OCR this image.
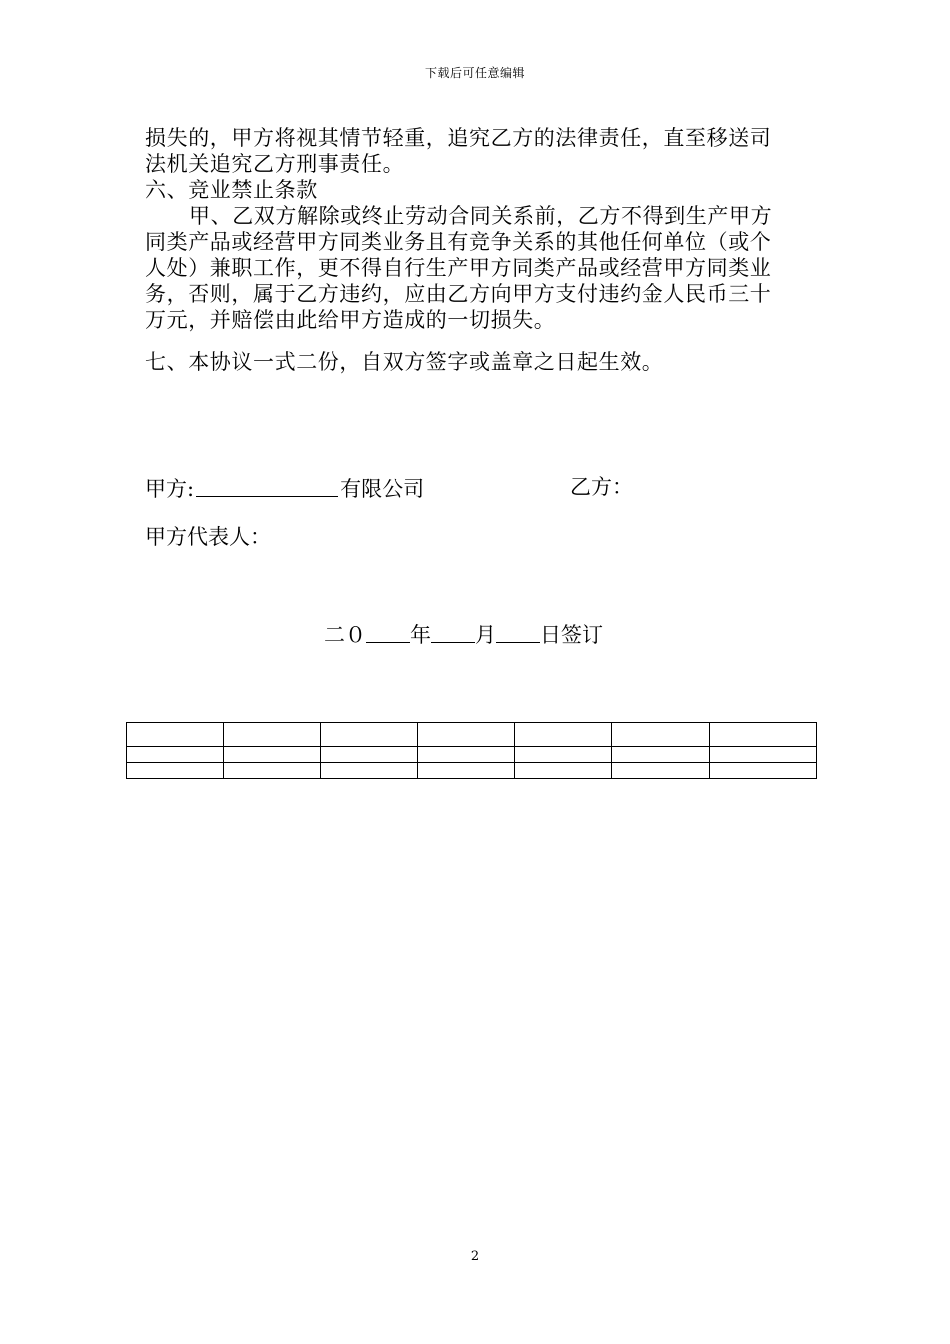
下载后可任意编辑
损失的，甲方将视其情节轻重，追究乙方的法律责任，直至移送司
法机关追究乙方刑事责任。
六、竞业禁止条款
甲、乙双方解除或终止劳动合同关系前，乙方不得到生产甲方
同类产品或经营甲方同类业务且有竞争关系的其他任何单位（或个
人处）兼职工作，更不得自行生产甲方同类产品或经营甲方同类业
务，否则，属于乙方违约，应由乙方向甲方支付违约金人民币三十
万元，并赔偿由此给甲方造成的一切损失。
七、本协议一式二份，自双方签字或盖章之日起生效。
甲方:	有限公司	乙方：
甲方代表人：
二０ 年 月 日签订

2
